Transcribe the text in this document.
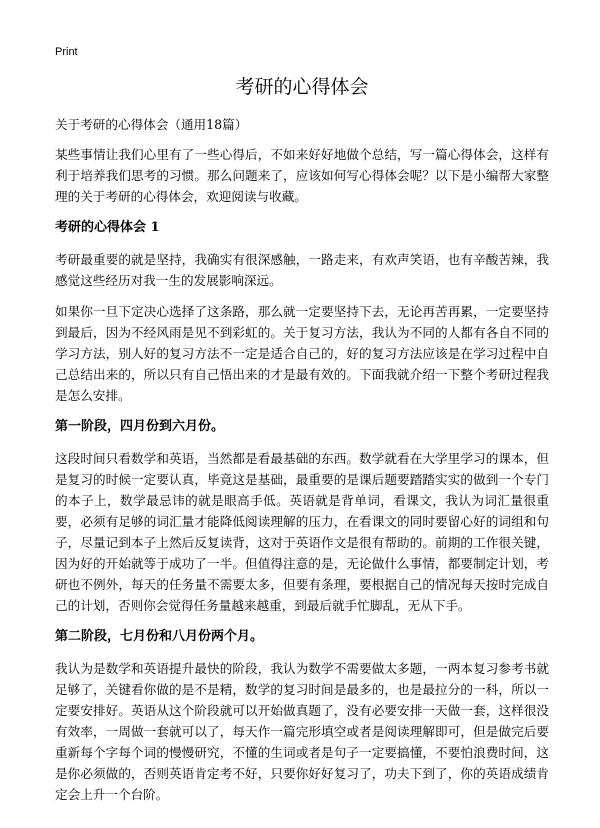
Print
考研的心得体会
关于考研的心得体会（通用18篇）

某些事情让我们心里有了一些心得后，不如来好好地做个总结，写一篇心得体会，这样有利于培养我们思考的习惯。那么问题来了，应该如何写心得体会呢？以下是小编帮大家整理的关于考研的心得体会，欢迎阅读与收藏。

考研的心得体会 1

考研最重要的就是坚持，我确实有很深感触，一路走来，有欢声笑语，也有辛酸苦辣，我感觉这些经历对我一生的发展影响深远。

如果你一旦下定决心选择了这条路，那么就一定要坚持下去，无论再苦再累，一定要坚持到最后，因为不经风雨是见不到彩虹的。关于复习方法，我认为不同的人都有各自不同的学习方法，别人好的复习方法不一定是适合自己的，好的复习方法应该是在学习过程中自己总结出来的，所以只有自己悟出来的才是最有效的。下面我就介绍一下整个考研过程我是怎么安排。

第一阶段，四月份到六月份。

这段时间只看数学和英语，当然都是看最基础的东西。数学就看在大学里学习的课本，但是复习的时候一定要认真，毕竟这是基础，最重要的是课后题要踏踏实实的做到一个专门的本子上，数学最忌讳的就是眼高手低。英语就是背单词，看课文，我认为词汇量很重要，必须有足够的词汇量才能降低阅读理解的压力，在看课文的同时要留心好的词组和句子，尽量记到本子上然后反复读背，这对于英语作文是很有帮助的。前期的工作很关键，因为好的开始就等于成功了一半。但值得注意的是，无论做什么事情，都要制定计划，考研也不例外，每天的任务量不需要太多，但要有条理，要根据自己的情况每天按时完成自己的计划，否则你会觉得任务量越来越重，到最后就手忙脚乱，无从下手。

第二阶段，七月份和八月份两个月。

我认为是数学和英语提升最快的阶段，我认为数学不需要做太多题，一两本复习参考书就足够了，关键看你做的是不是精，数学的复习时间是最多的，也是最拉分的一科，所以一定要安排好。英语从这个阶段就可以开始做真题了，没有必要安排一天做一套，这样很没有效率，一周做一套就可以了，每天作一篇完形填空或者是阅读理解即可，但是做完后要重新每个字每个词的慢慢研究，不懂的生词或者是句子一定要搞懂，不要怕浪费时间，这是你必须做的，否则英语肯定考不好，只要你好好复习了，功夫下到了，你的英语成绩肯定会上升一个台阶。
